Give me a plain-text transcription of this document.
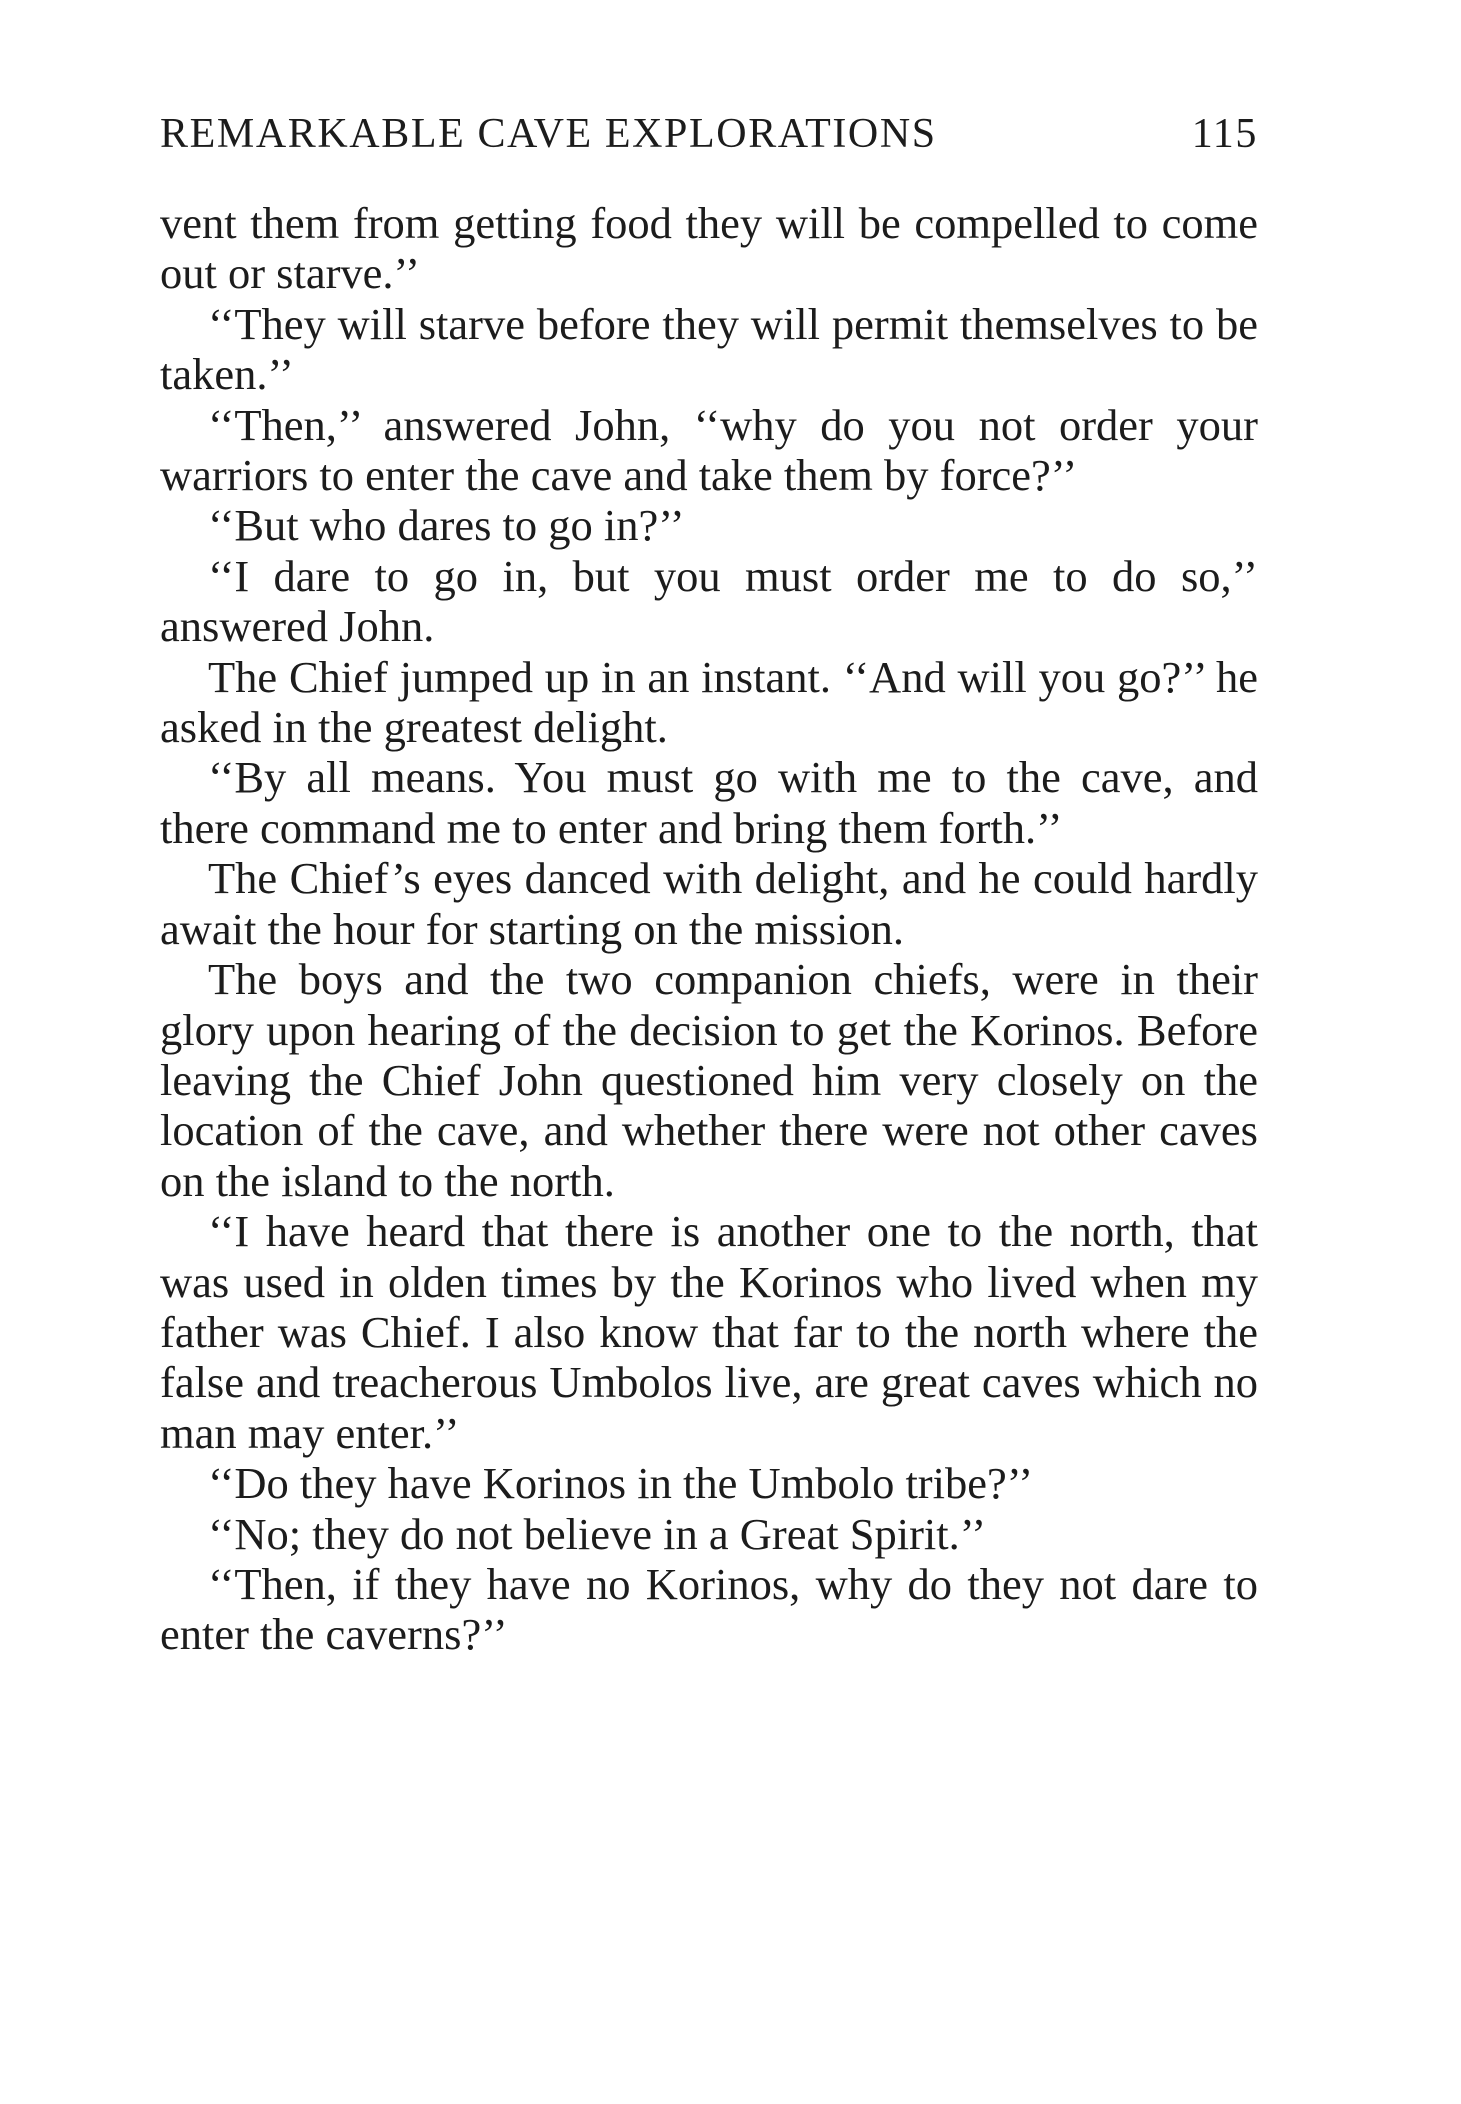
REMARKABLE CAVE EXPLORATIONS	115

vent them from getting food they will be compelled to come out or starve.’’

‘‘They will starve before they will permit themselves to be taken.’’

‘‘Then,’’ answered John, ‘‘why do you not order your warriors to enter the cave and take them by force?’’

‘‘But who dares to go in?’’

‘‘I dare to go in, but you must order me to do so,’’ answered John.

The Chief jumped up in an instant. ‘‘And will you go?’’ he asked in the greatest delight.

‘‘By all means. You must go with me to the cave, and there command me to enter and bring them forth.’’

The Chief’s eyes danced with delight, and he could hardly await the hour for starting on the mission.

The boys and the two companion chiefs, were in their glory upon hearing of the decision to get the Korinos. Before leaving the Chief John questioned him very closely on the location of the cave, and whether there were not other caves on the island to the north.

‘‘I have heard that there is another one to the north, that was used in olden times by the Korinos who lived when my father was Chief. I also know that far to the north where the false and treacherous Umbolos live, are great caves which no man may enter.’’

‘‘Do they have Korinos in the Umbolo tribe?’’

‘‘No; they do not believe in a Great Spirit.’’

‘‘Then, if they have no Korinos, why do they not dare to enter the caverns?’’
